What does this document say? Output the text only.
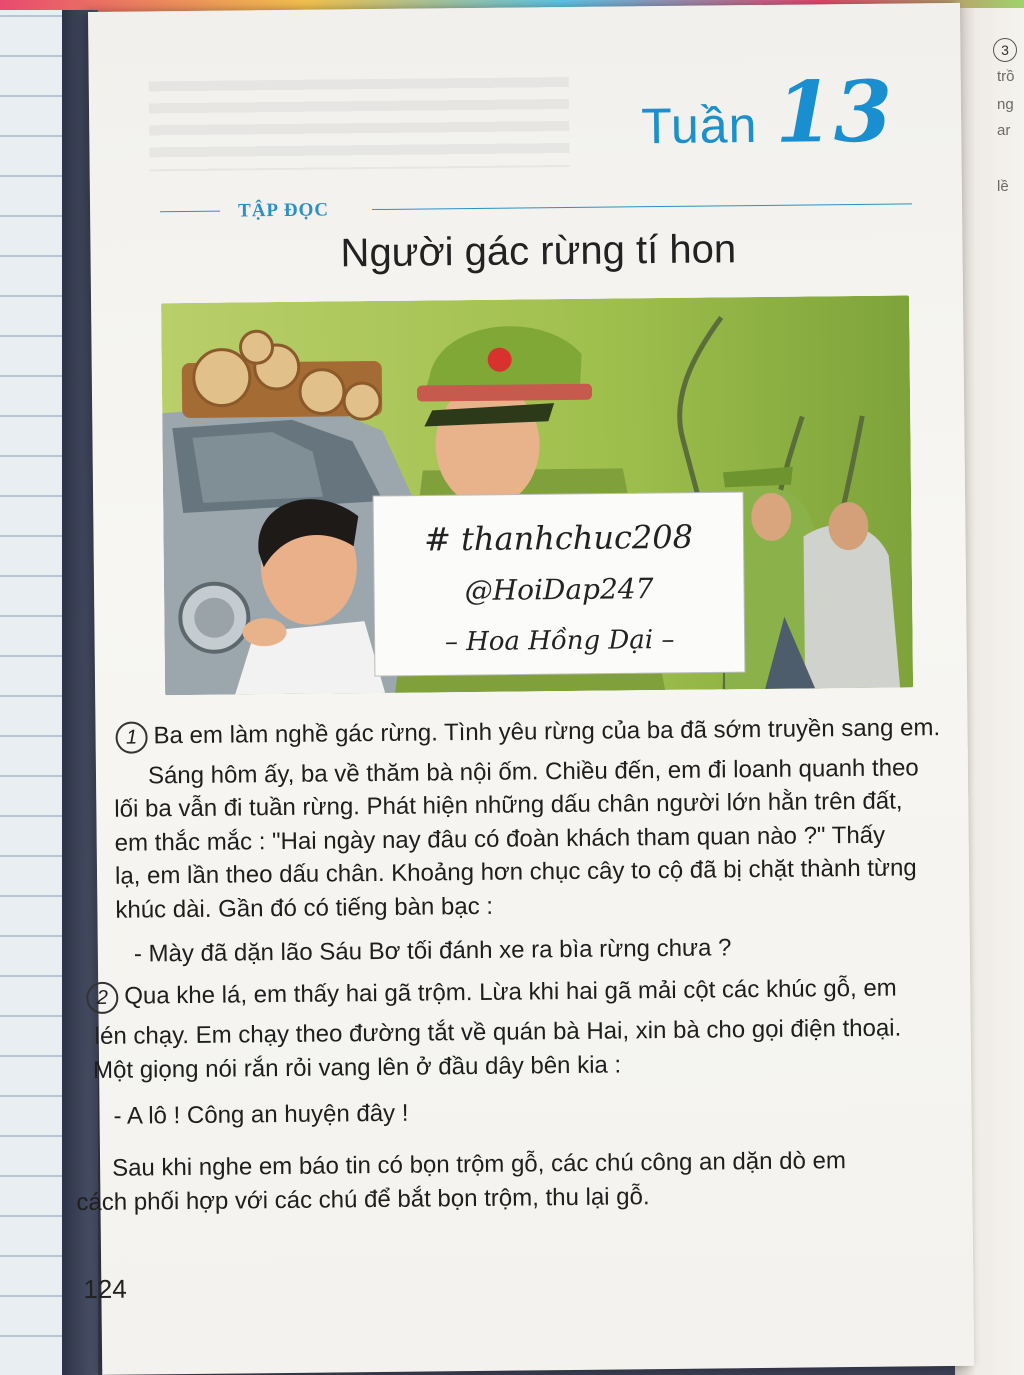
3
trồ
ng
ar
lề
Tuần 13
TẬP ĐỌC
Người gác rừng tí hon
# thanhchuc208
@HoiDap247
– Hoa Hồng Dại –
1 Ba em làm nghề gác rừng. Tình yêu rừng của ba đã sớm truyền sang em.
Sáng hôm ấy, ba về thăm bà nội ốm. Chiều đến, em đi loanh quanh theo
lối ba vẫn đi tuần rừng. Phát hiện những dấu chân người lớn hằn trên đất,
em thắc mắc : "Hai ngày nay đâu có đoàn khách tham quan nào ?" Thấy
lạ, em lần theo dấu chân. Khoảng hơn chục cây to cộ đã bị chặt thành từng
khúc dài. Gần đó có tiếng bàn bạc :
- Mày đã dặn lão Sáu Bơ tối đánh xe ra bìa rừng chưa ?
2 Qua khe lá, em thấy hai gã trộm. Lừa khi hai gã mải cột các khúc gỗ, em
lén chạy. Em chạy theo đường tắt về quán bà Hai, xin bà cho gọi điện thoại.
Một giọng nói rắn rỏi vang lên ở đầu dây bên kia :
- A lô ! Công an huyện đây !
Sau khi nghe em báo tin có bọn trộm gỗ, các chú công an dặn dò em
cách phối hợp với các chú để bắt bọn trộm, thu lại gỗ.
124
